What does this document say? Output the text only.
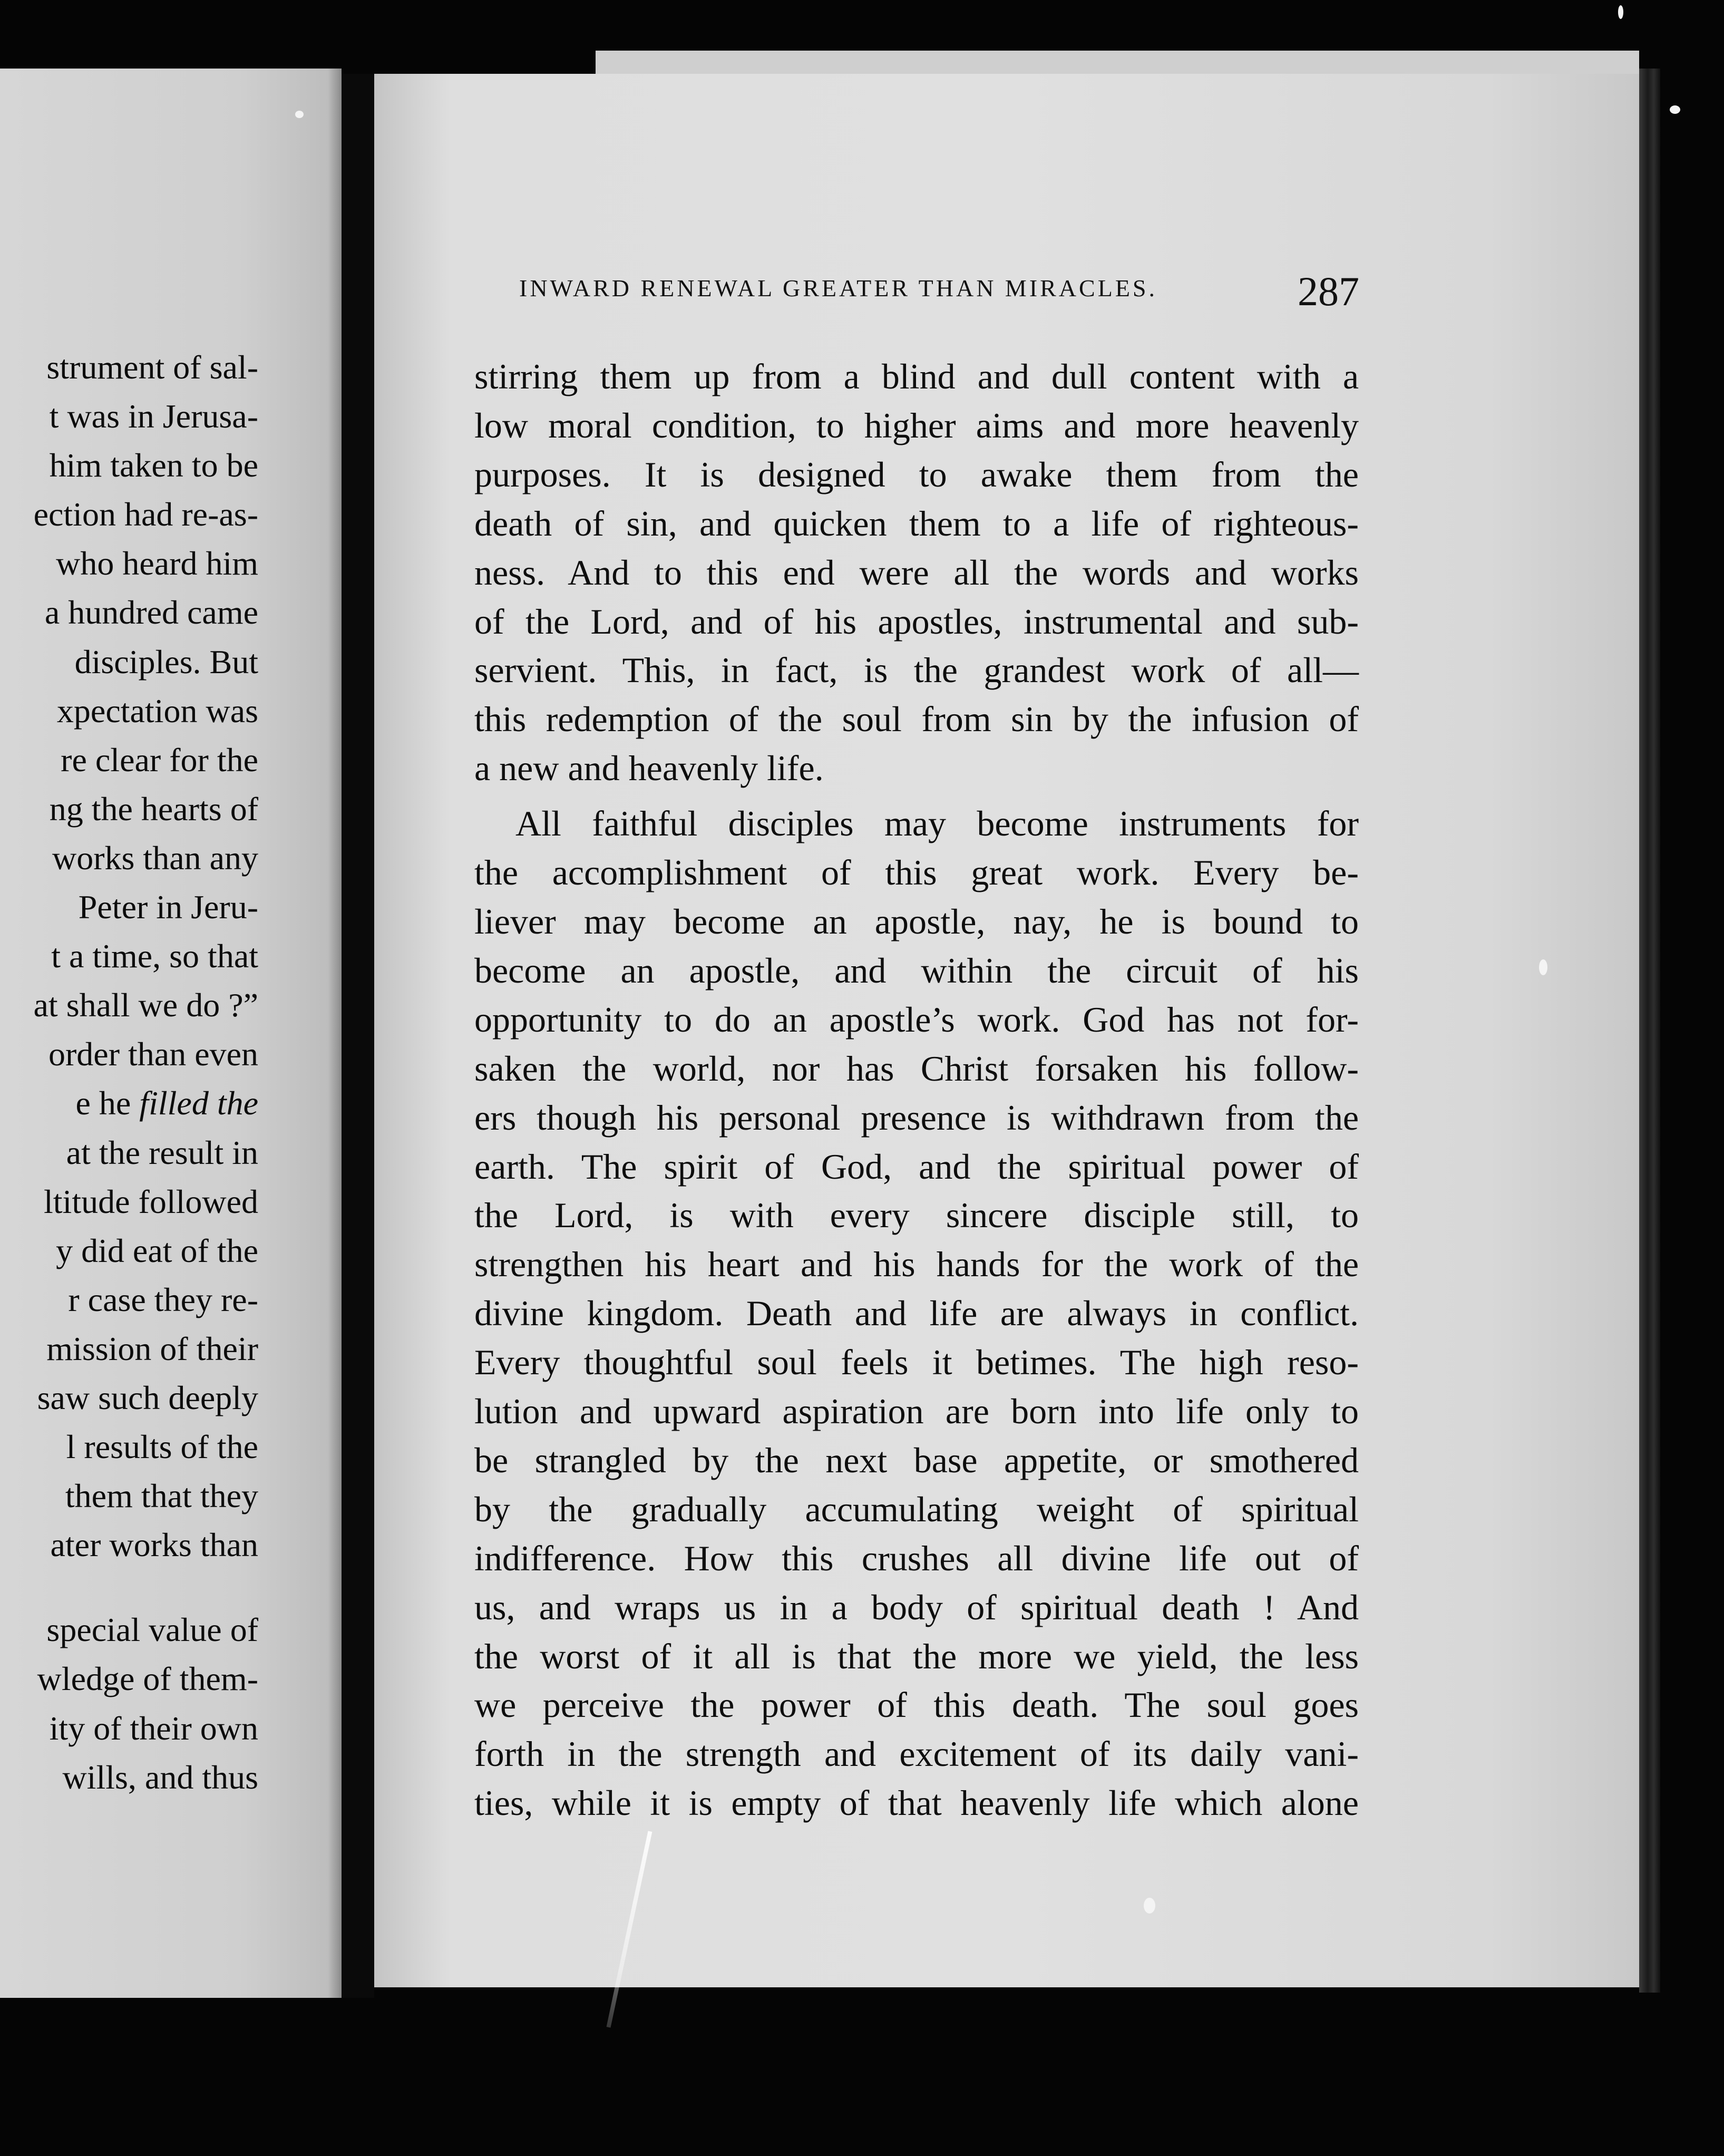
strument of sal-
t was in Jerusa-
him taken to be
ection had re-as-
who heard him
a hundred came
disciples. But
xpectation was
re clear for the
ng the hearts of
works than any
Peter in Jeru-
t a time, so that
at shall we do ?”
order than even
e he filled the
at the result in
ltitude followed
y did eat of the
r case they re-
mission of their
saw such deeply
l results of the
them that they
ater works than
special value of
wledge of them-
ity of their own
wills, and thus
INWARD RENEWAL GREATER THAN MIRACLES.	287
stirring them up from a blind and dull content with a
low moral condition, to higher aims and more heavenly
purposes. It is designed to awake them from the
death of sin, and quicken them to a life of righteous-
ness. And to this end were all the words and works
of the Lord, and of his apostles, instrumental and sub-
servient. This, in fact, is the grandest work of all—
this redemption of the soul from sin by the infusion of
a new and heavenly life.
All faithful disciples may become instruments for
the accomplishment of this great work. Every be-
liever may become an apostle, nay, he is bound to
become an apostle, and within the circuit of his
opportunity to do an apostle’s work. God has not for-
saken the world, nor has Christ forsaken his follow-
ers though his personal presence is withdrawn from the
earth. The spirit of God, and the spiritual power of
the Lord, is with every sincere disciple still, to
strengthen his heart and his hands for the work of the
divine kingdom. Death and life are always in conflict.
Every thoughtful soul feels it betimes. The high reso-
lution and upward aspiration are born into life only to
be strangled by the next base appetite, or smothered
by the gradually accumulating weight of spiritual
indifference. How this crushes all divine life out of
us, and wraps us in a body of spiritual death ! And
the worst of it all is that the more we yield, the less
we perceive the power of this death. The soul goes
forth in the strength and excitement of its daily vani-
ties, while it is empty of that heavenly life which alone
